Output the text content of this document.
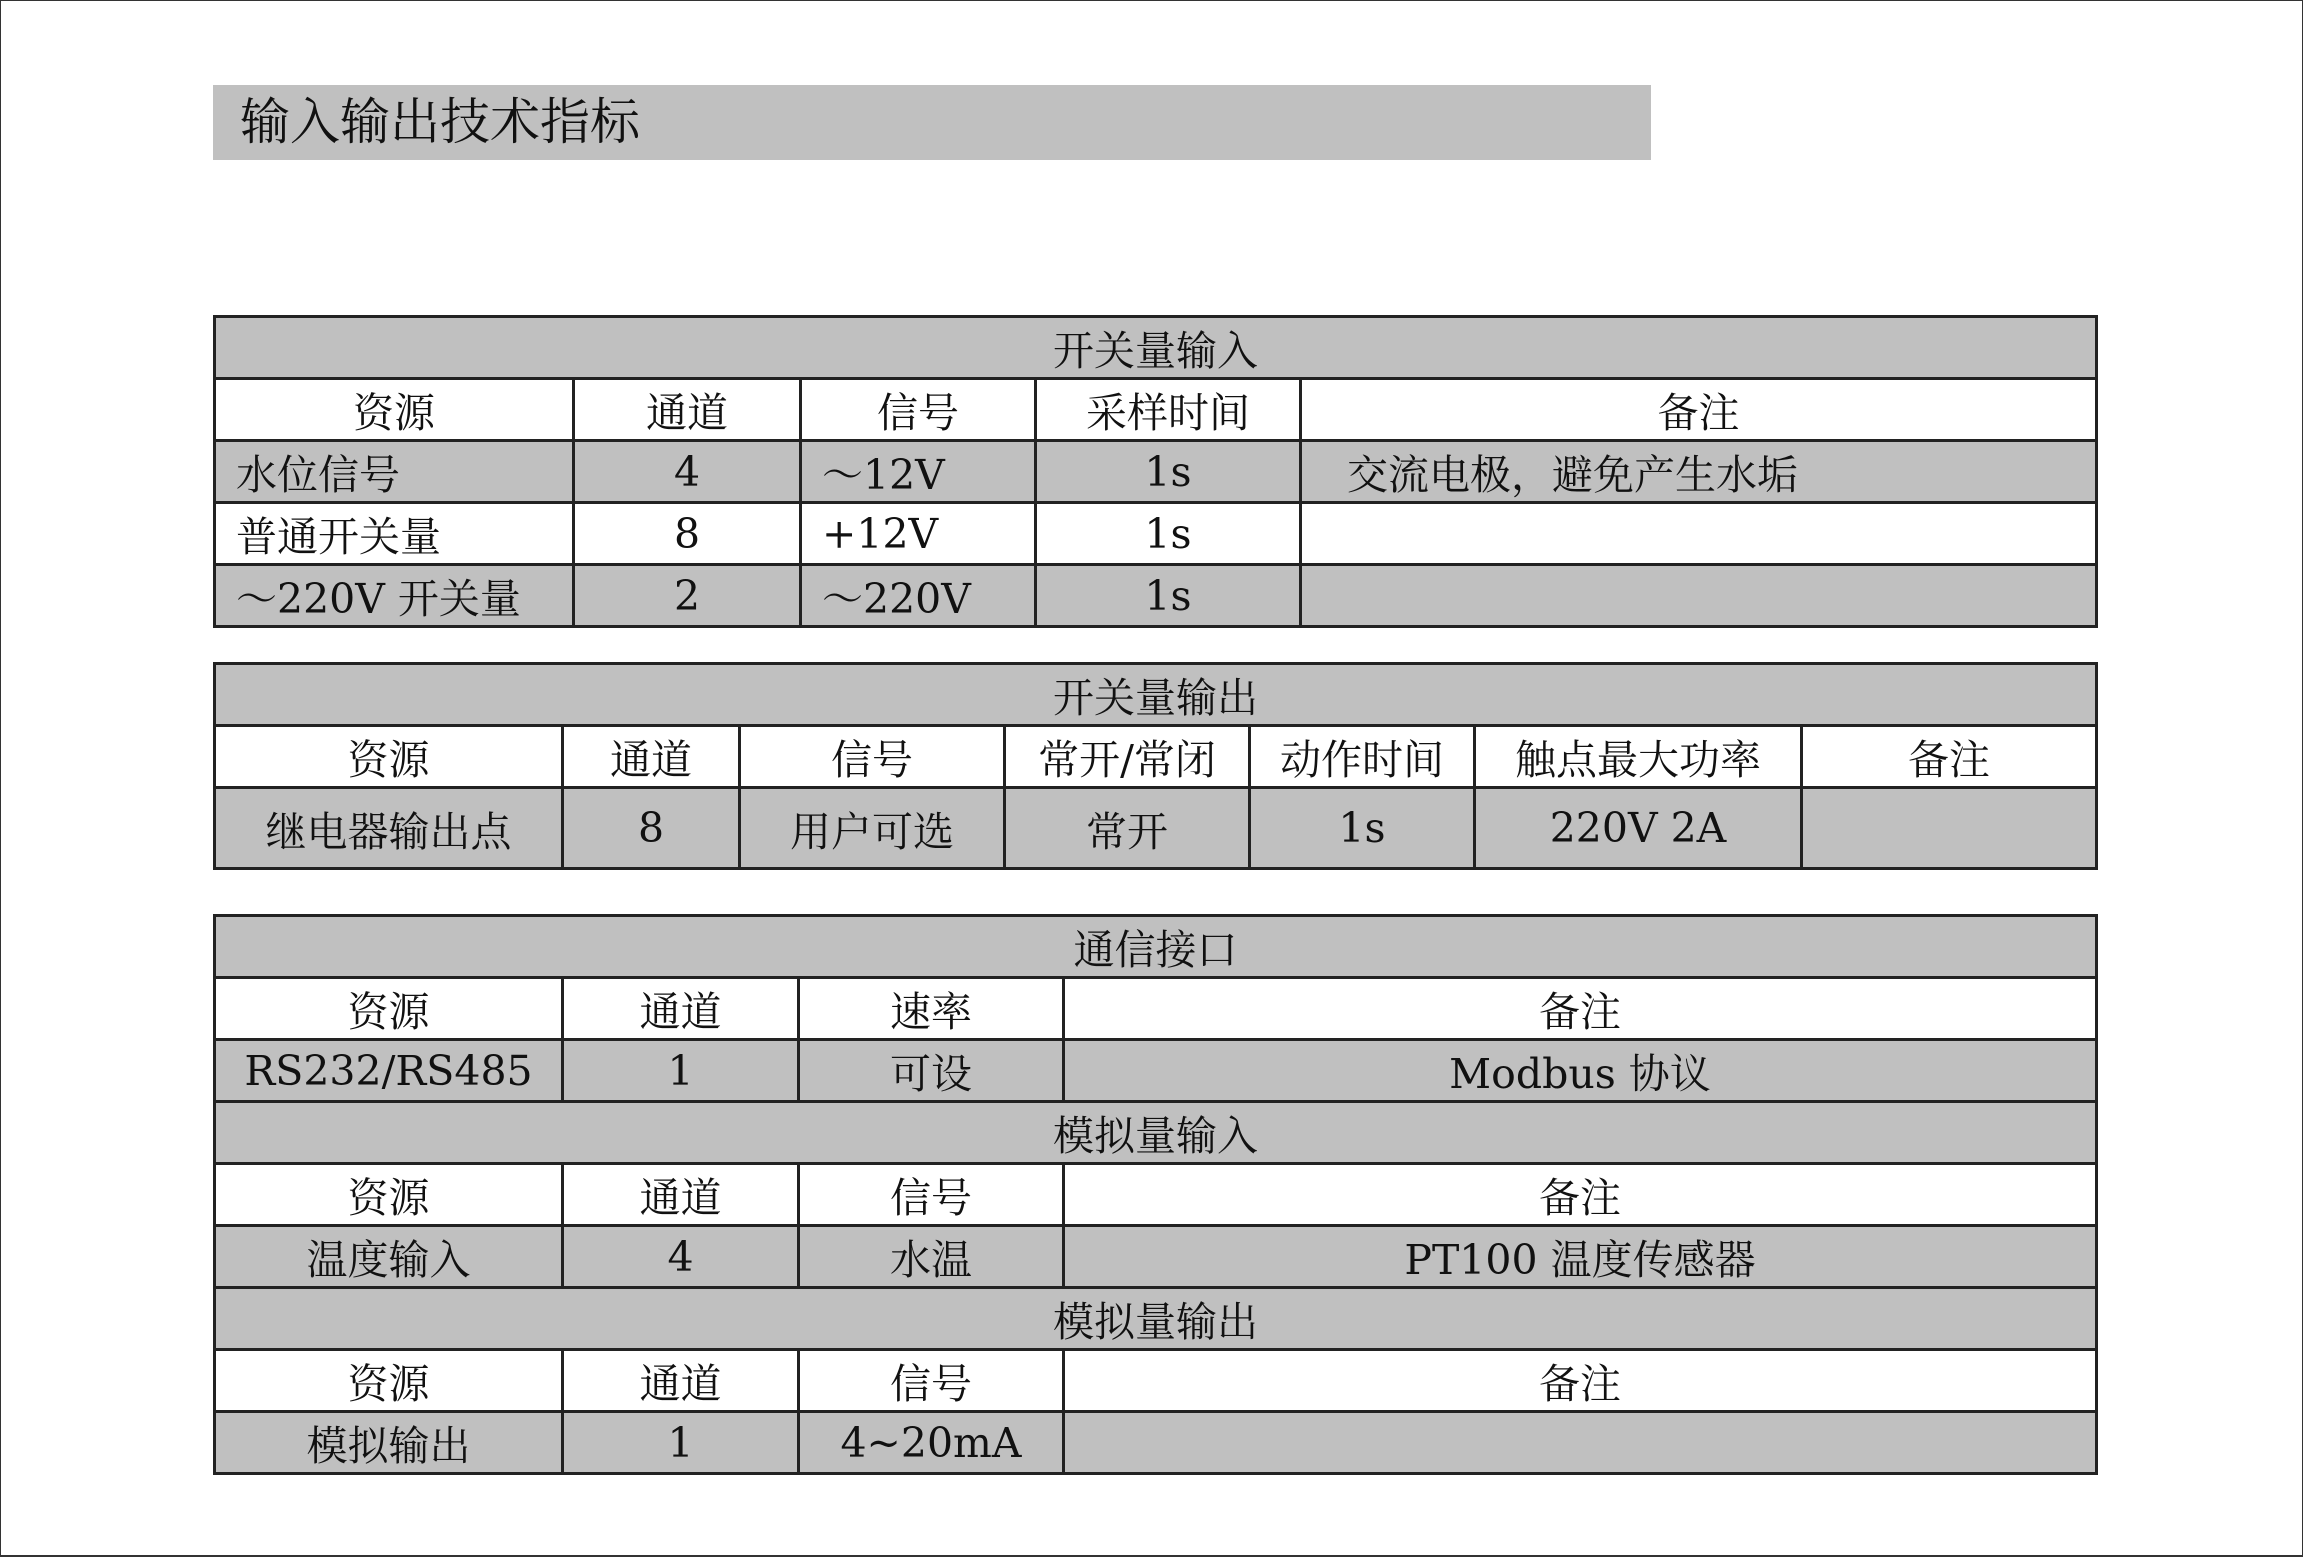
输入输出技术指标
开关量输入				
资源	通道	信号	采样时间	备注
水位信号	4	～12V	1s	交流电极，避免产生水垢
普通开关量	8	+12V	1s	
～220V 开关量	2	～220V	1s	
开关量输出						
资源	通道	信号	常开/常闭	动作时间	触点最大功率	备注
继电器输出点	8	用户可选	常开	1s	220V 2A	
通信接口			
资源	通道	速率	备注
RS232/RS485	1	可设	Modbus 协议
模拟量输入			
资源	通道	信号	备注
温度输入	4	水温	PT100 温度传感器
模拟量输出			
资源	通道	信号	备注
模拟输出	1	4~20mA	
